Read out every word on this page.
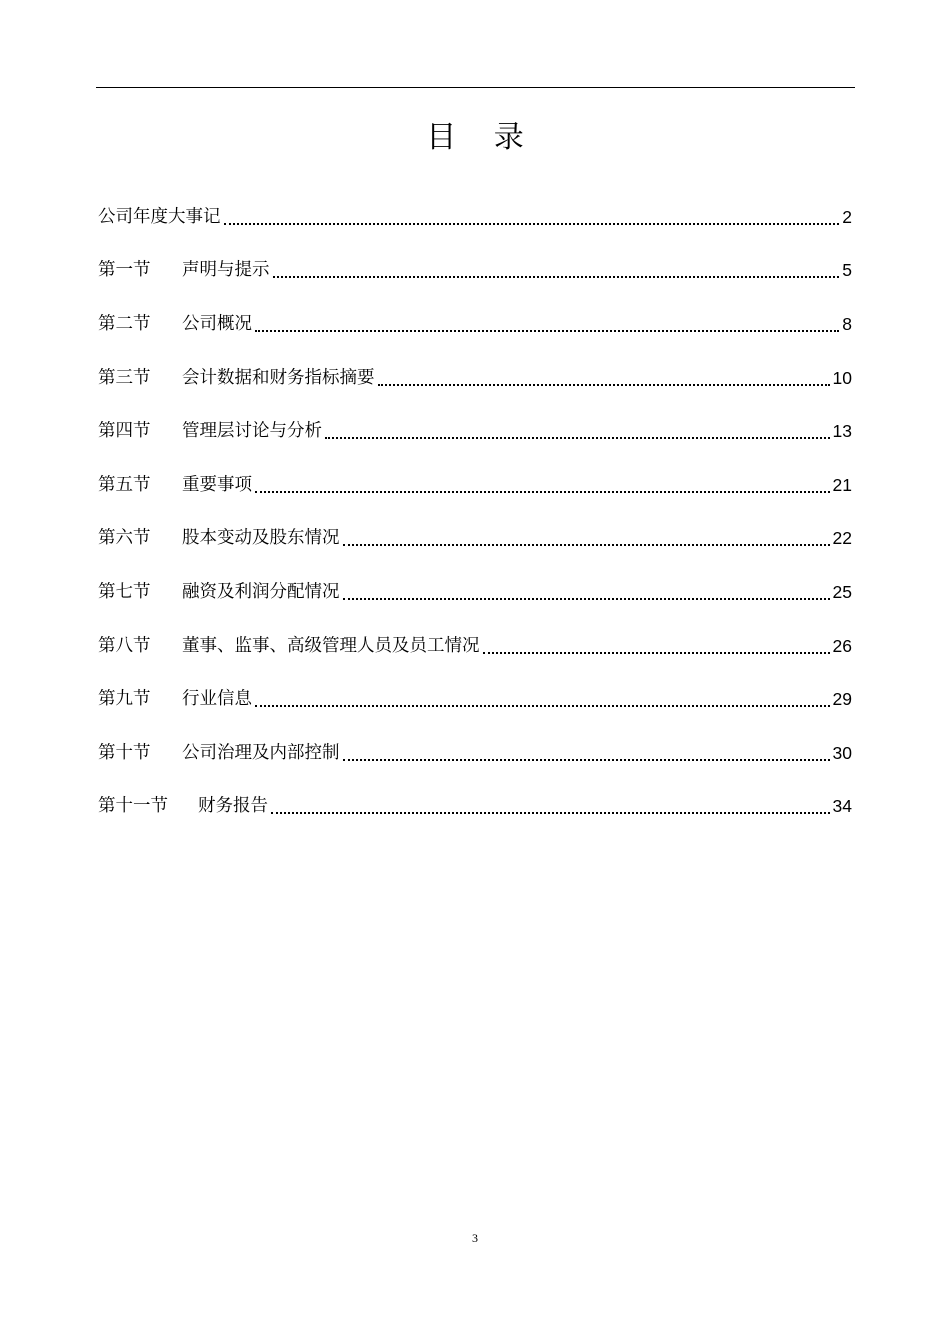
目 录
公司年度大事记	2
第一节	声明与提示	5
第二节	公司概况	8
第三节	会计数据和财务指标摘要	10
第四节	管理层讨论与分析	13
第五节	重要事项	21
第六节	股本变动及股东情况	22
第七节	融资及利润分配情况	25
第八节	董事、监事、高级管理人员及员工情况	26
第九节	行业信息	29
第十节	公司治理及内部控制	30
第十一节	财务报告	34
3
